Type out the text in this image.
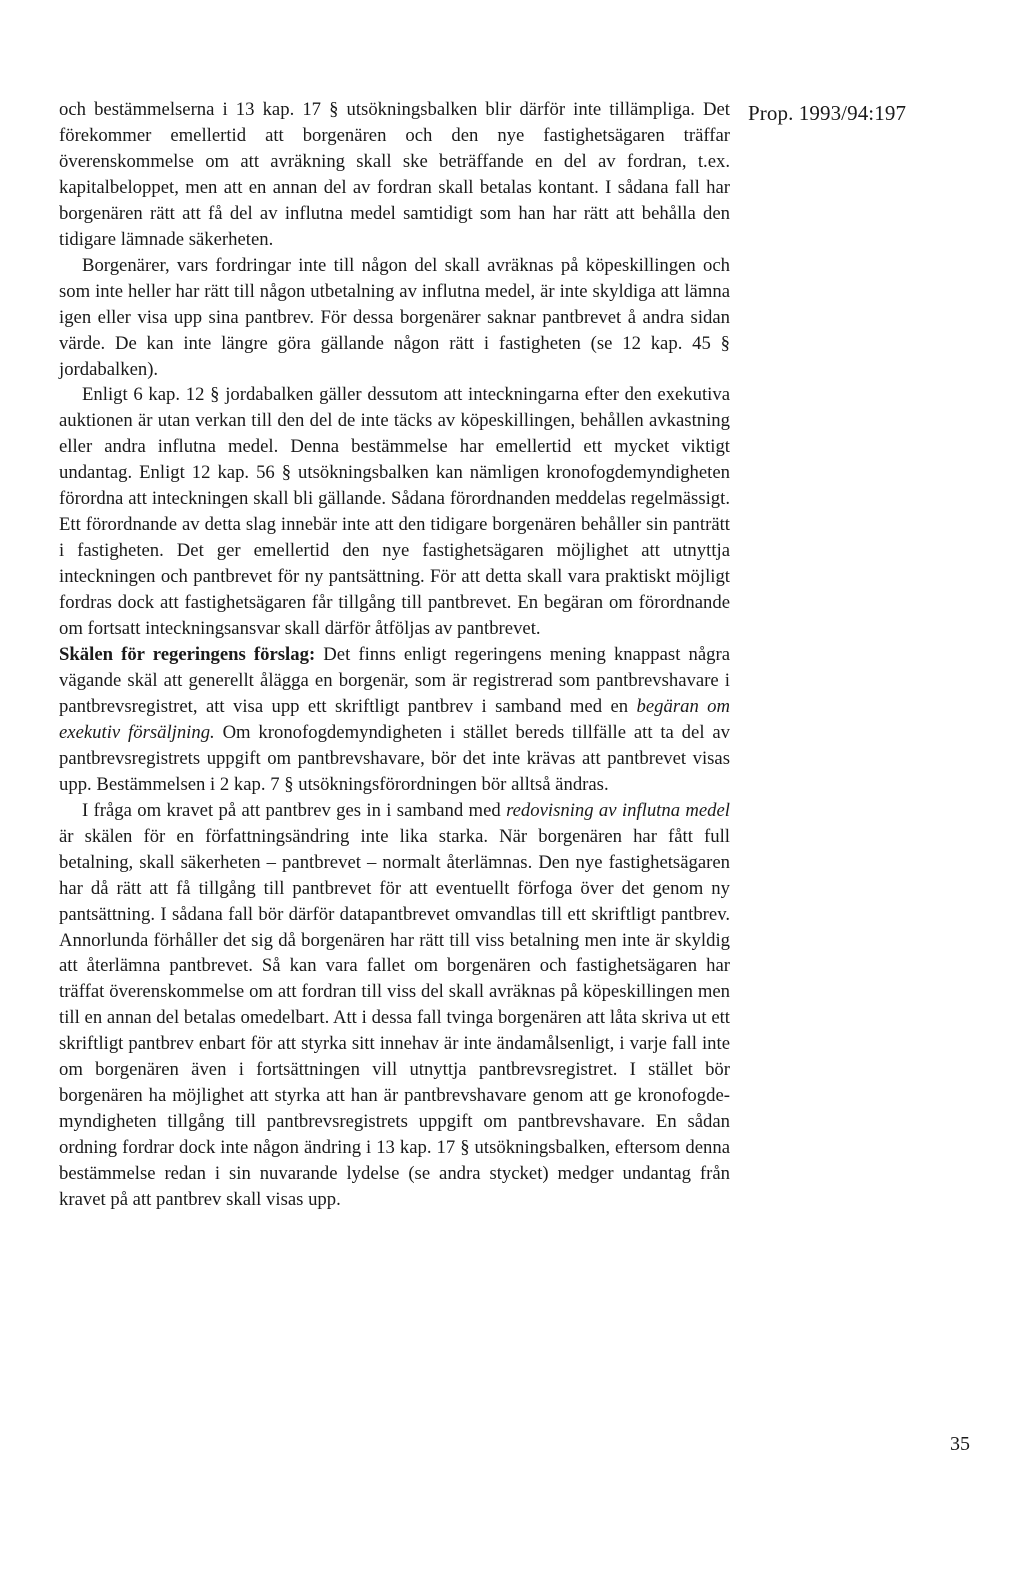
Prop. 1993/94:197

och bestämmelserna i 13 kap. 17 § utsökningsbalken blir därför inte tillämpliga. Det förekommer emellertid att borgenären och den nye fastighetsägaren träffar överenskommelse om att avräkning skall ske beträffande en del av fordran, t.ex. kapitalbeloppet, men att en annan del av fordran skall betalas kontant. I sådana fall har borgenären rätt att få del av influtna medel samtidigt som han har rätt att behålla den tidigare lämnade säkerheten.

Borgenärer, vars fordringar inte till någon del skall avräknas på köpeskillingen och som inte heller har rätt till någon utbetalning av influtna medel, är inte skyldiga att lämna igen eller visa upp sina pantbrev. För dessa borgenärer saknar pantbrevet å andra sidan värde. De kan inte längre göra gällande någon rätt i fastigheten (se 12 kap. 45 § jordabalken).

Enligt 6 kap. 12 § jordabalken gäller dessutom att inteckningarna efter den exekutiva auktionen är utan verkan till den del de inte täcks av köpeskillingen, behållen avkastning eller andra influtna medel. Denna bestämmelse har emellertid ett mycket viktigt undantag. Enligt 12 kap. 56 § utsökningsbalken kan nämligen kronofogdemyndigheten förordna att inteckningen skall bli gällande. Sådana förordnanden meddelas regelmässigt. Ett förordnande av detta slag innebär inte att den tidigare borgenären behåller sin panträtt i fastigheten. Det ger emellertid den nye fastighetsägaren möjlighet att utnyttja inteckningen och pantbrevet för ny pantsättning. För att detta skall vara praktiskt möjligt fordras dock att fastighetsägaren får tillgång till pantbrevet. En begäran om förordnande om fortsatt inteckningsansvar skall därför åtföljas av pantbrevet.

Skälen för regeringens förslag: Det finns enligt regeringens mening knappast några vägande skäl att generellt ålägga en borgenär, som är registrerad som pantbrevshavare i pantbrevsregistret, att visa upp ett skriftligt pantbrev i samband med en begäran om exekutiv försäljning. Om kronofogdemyndigheten i stället bereds tillfälle att ta del av pantbrevsregistrets uppgift om pantbrevshavare, bör det inte krävas att pantbrevet visas upp. Bestämmelsen i 2 kap. 7 § utsökningsförordningen bör alltså ändras.

I fråga om kravet på att pantbrev ges in i samband med redovisning av influtna medel är skälen för en författningsändring inte lika starka. När borgenären har fått full betalning, skall säkerheten – pantbrevet – normalt återlämnas. Den nye fastighetsägaren har då rätt att få tillgång till pantbrevet för att eventuellt förfoga över det genom ny pantsättning. I sådana fall bör därför datapantbrevet omvandlas till ett skriftligt pantbrev. Annorlunda förhåller det sig då borgenären har rätt till viss betalning men inte är skyldig att återlämna pantbrevet. Så kan vara fallet om borgenären och fastighetsägaren har träffat överenskommelse om att fordran till viss del skall avräknas på köpeskillingen men till en annan del betalas omedelbart. Att i dessa fall tvinga borgenären att låta skriva ut ett skriftligt pantbrev enbart för att styrka sitt innehav är inte ändamålsenligt, i varje fall inte om borgenären även i fortsättningen vill utnyttja pantbrevsregistret. I stället bör borgenären ha möjlighet att styrka att han är pantbrevshavare genom att ge kronofogdemyndigheten tillgång till pantbrevsregistrets uppgift om pantbrevshavare. En sådan ordning fordrar dock inte någon ändring i 13 kap. 17 § utsökningsbalken, eftersom denna bestämmelse redan i sin nuvarande lydelse (se andra stycket) medger undantag från kravet på att pantbrev skall visas upp.

35
